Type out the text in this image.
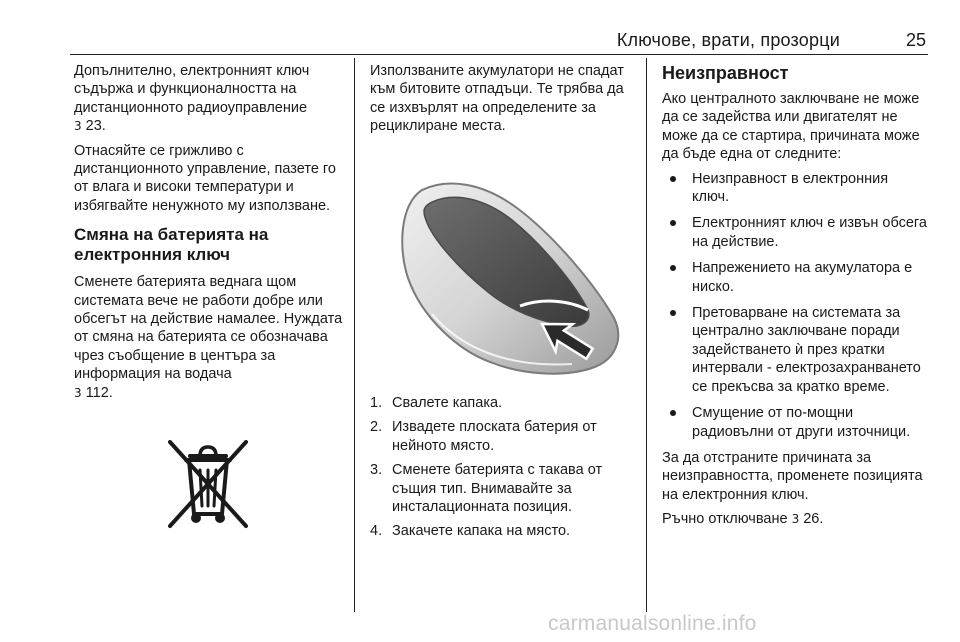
Ключове, врати, прозорци	25

Допълнително, електронният ключ съдържа и функционалността на дистанционното радиоуправление
3 23.

Отнасяйте се грижливо с дистанционното управление, пазете го от влага и високи температури и избягвайте ненужното му използване.

Смяна на батерията на електронния ключ

Сменете батерията веднага щом системата вече не работи добре или обсегът на действие намалее. Нуждата от смяна на батерията се обозначава чрез съобщение в центъра за информация на водача
3 112.

Използваните акумулатори не спадат към битовите отпадъци. Те трябва да се изхвърлят на определените за рециклиране места.

1. Свалете капака.
2. Извадете плоската батерия от нейното място.
3. Сменете батерията с такава от същия тип. Внимавайте за инсталационната позиция.
4. Закачете капака на място.
Неизправност

Ако централното заключване не може да се задейства или двигателят не може да се стартира, причината може да бъде една от следните:

Неизправност в електронния ключ.
Електронният ключ е извън обсега на действие.
Напрежението на акумулатора е ниско.
Претоварване на системата за централно заключване поради задействането ѝ през кратки интервали - електрозахранването се прекъсва за кратко време.
Смущение от по-мощни радиовълни от други източници.

За да отстраните причината за неизправността, променете позицията на електронния ключ.

Ръчно отключване 3 26.

carmanualsonline.info
